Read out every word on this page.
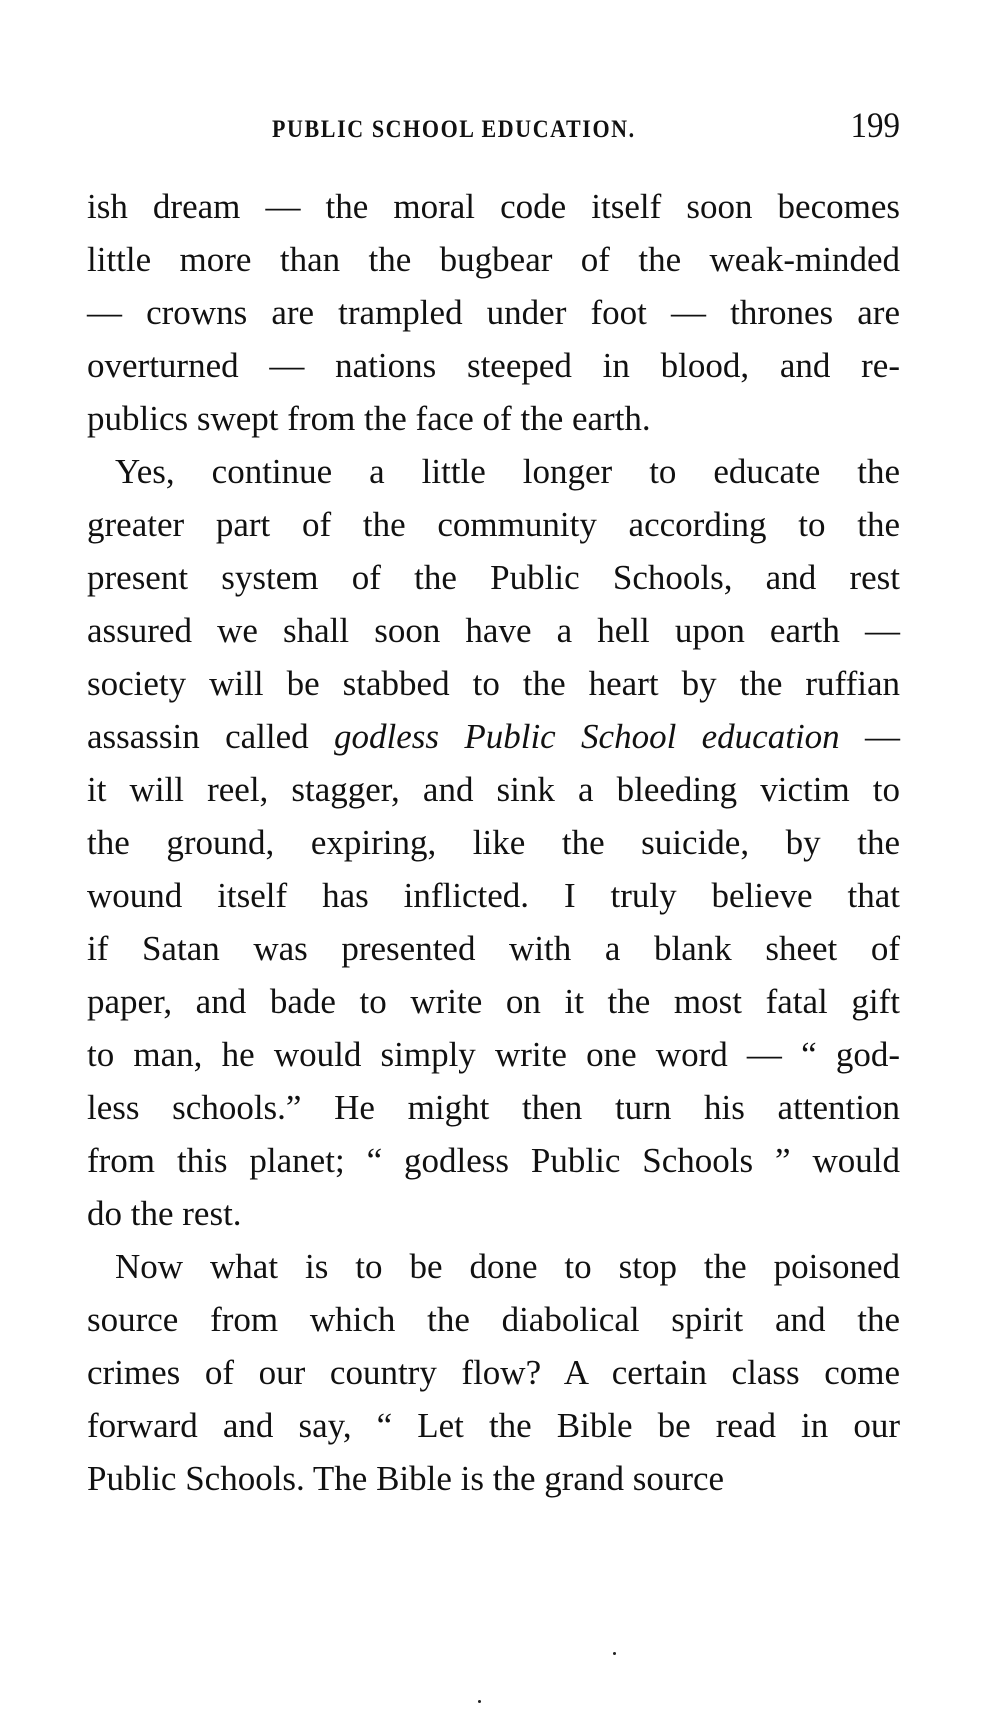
PUBLIC SCHOOL EDUCATION.	199
ish dream — the moral code itself soon becomes
little more than the bugbear of the weak-minded
— crowns are trampled under foot — thrones are
overturned — nations steeped in blood, and re-
publics swept from the face of the earth.
Yes, continue a little longer to educate the
greater part of the community according to the
present system of the Public Schools, and rest
assured we shall soon have a hell upon earth —
society will be stabbed to the heart by the ruffian
assassin called godless Public School education —
it will reel, stagger, and sink a bleeding victim to
the ground, expiring, like the suicide, by the
wound itself has inflicted. I truly believe that
if Satan was presented with a blank sheet of
paper, and bade to write on it the most fatal gift
to man, he would simply write one word — “ god-
less schools.” He might then turn his attention
from this planet; “ godless Public Schools ” would
do the rest.
Now what is to be done to stop the poisoned
source from which the diabolical spirit and the
crimes of our country flow? A certain class come
forward and say, “ Let the Bible be read in our
Public Schools. The Bible is the grand source
